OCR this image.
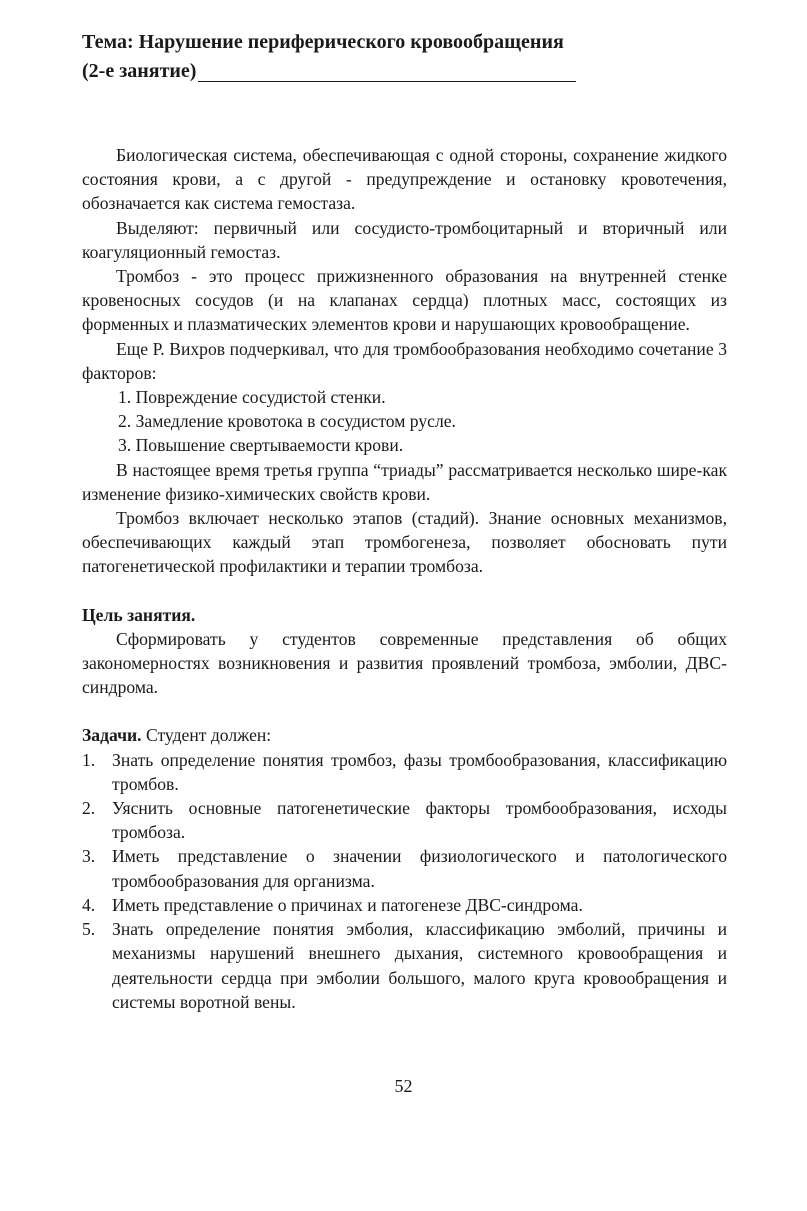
Тема: Нарушение периферического кровообращения
(2-е занятие)

Биологическая система, обеспечивающая с одной стороны, сохранение жидкого состояния крови, а с другой - предупреждение и остановку кровотечения, обозначается как система гемостаза.

Выделяют: первичный или сосудисто-тромбоцитарный и вторичный или коагуляционный гемостаз.

Тромбоз - это процесс прижизненного образования на внутренней стенке кровеносных сосудов (и на клапанах сердца) плотных масс, состоящих из форменных и плазматических элементов крови и нарушающих кровообращение.

Еще Р. Вихров подчеркивал, что для тромбообразования необходимо сочетание 3 факторов:

1. Повреждение сосудистой стенки.
2. Замедление кровотока в сосудистом русле.
3. Повышение свертываемости крови.

В настоящее время третья группа “триады” рассматривается несколько шире-как изменение физико-химических свойств крови.

Тромбоз включает несколько этапов (стадий). Знание основных механизмов, обеспечивающих каждый этап тромбогенеза, позволяет обосновать пути патогенетической профилактики и терапии тромбоза.

Цель занятия.

Сформировать у студентов современные представления об общих закономерностях возникновения и развития проявлений тромбоза, эмболии, ДВС-синдрома.

Задачи. Студент должен:
1. Знать определение понятия тромбоз, фазы тромбообразования, классификацию тромбов.
2. Уяснить основные патогенетические факторы тромбообразования, исходы тромбоза.
3. Иметь представление о значении физиологического и патологического тромбообразования для организма.
4. Иметь представление о причинах и патогенезе ДВС-синдрома.
5. Знать определение понятия эмболия, классификацию эмболий, причины и механизмы нарушений внешнего дыхания, системного кровообращения и деятельности сердца при эмболии большого, малого круга кровообращения и системы воротной вены.
52
